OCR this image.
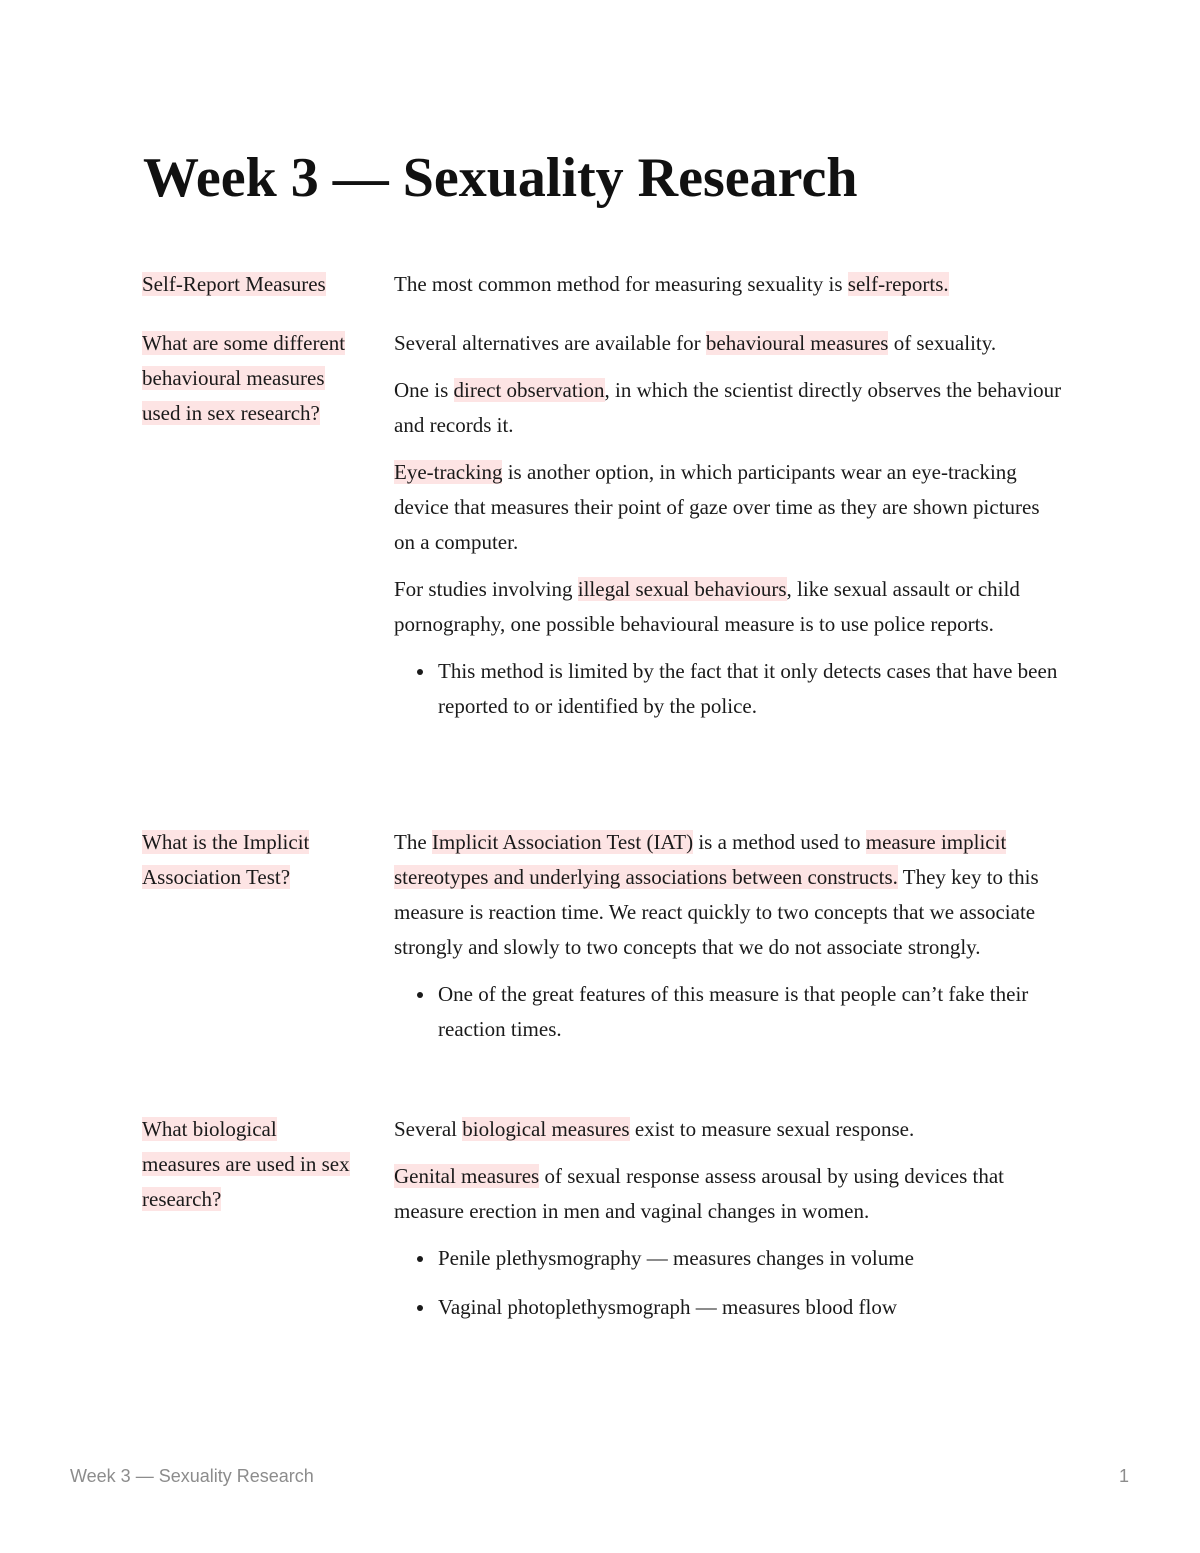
Week 3 — Sexuality Research
Self-Report Measures	The most common method for measuring sexuality is self-reports.

What are some different behavioural measures used in sex research?

Several alternatives are available for behavioural measures of sexuality.

One is direct observation, in which the scientist directly observes the behaviour and records it.

Eye-tracking is another option, in which participants wear an eye-tracking device that measures their point of gaze over time as they are shown pictures on a computer.

For studies involving illegal sexual behaviours, like sexual assault or child pornography, one possible behavioural measure is to use police reports.

• This method is limited by the fact that it only detects cases that have been reported to or identified by the police.
What is the Implicit Association Test?

The Implicit Association Test (IAT) is a method used to measure implicit stereotypes and underlying associations between constructs. They key to this measure is reaction time. We react quickly to two concepts that we associate strongly and slowly to two concepts that we do not associate strongly.

• One of the great features of this measure is that people can’t fake their reaction times.
What biological measures are used in sex research?

Several biological measures exist to measure sexual response.

Genital measures of sexual response assess arousal by using devices that measure erection in men and vaginal changes in women.

• Penile plethysmography — measures changes in volume
• Vaginal photoplethysmograph — measures blood flow
Week 3 — Sexuality Research	1
